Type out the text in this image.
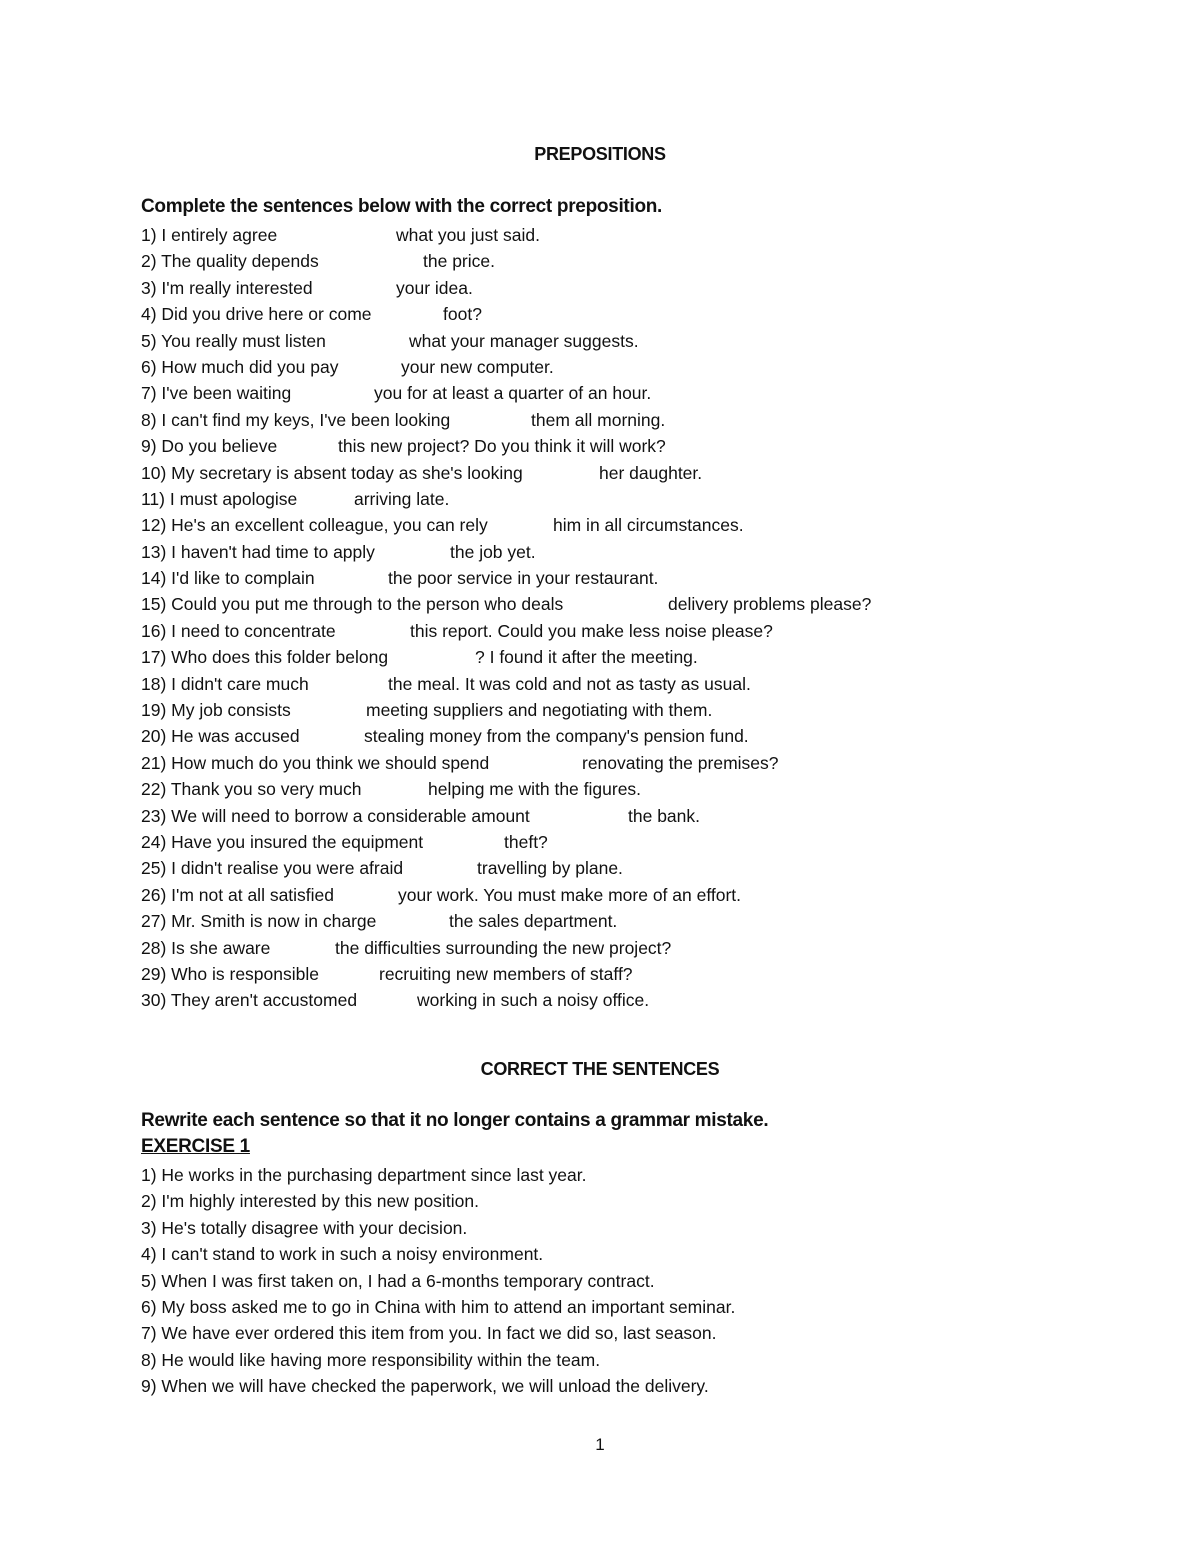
PREPOSITIONS
Complete the sentences below with the correct preposition.
1) I entirely agree	what you just said.
2) The quality depends	the price.
3) I'm really interested	your idea.
4) Did you drive here or come	foot?
5) You really must listen	what your manager suggests.
6) How much did you pay	your new computer.
7) I've been waiting	you for at least a quarter of an hour.
8) I can't find my keys, I've been looking	them all morning.
9) Do you believe	this new project? Do you think it will work?
10) My secretary is absent today as she's looking	her daughter.
11) I must apologise	arriving late.
12) He's an excellent colleague, you can rely	him in all circumstances.
13) I haven't had time to apply	the job yet.
14) I'd like to complain	the poor service in your restaurant.
15) Could you put me through to the person who deals	delivery problems please?
16) I need to concentrate	this report. Could you make less noise please?
17) Who does this folder belong	? I found it after the meeting.
18) I didn't care much	the meal. It was cold and not as tasty as usual.
19) My job consists	meeting suppliers and negotiating with them.
20) He was accused	stealing money from the company's pension fund.
21) How much do you think we should spend	renovating the premises?
22) Thank you so very much	helping me with the figures.
23) We will need to borrow a considerable amount	the bank.
24) Have you insured the equipment	theft?
25) I didn't realise you were afraid	travelling by plane.
26) I'm not at all satisfied	your work. You must make more of an effort.
27) Mr. Smith is now in charge	the sales department.
28) Is she aware	the difficulties surrounding the new project?
29) Who is responsible	recruiting new members of staff?
30) They aren't accustomed	working in such a noisy office.
CORRECT THE SENTENCES
Rewrite each sentence so that it no longer contains a grammar mistake.
EXERCISE 1
1) He works in the purchasing department since last year.
2) I'm highly interested by this new position.
3) He's totally disagree with your decision.
4) I can't stand to work in such a noisy environment.
5) When I was first taken on, I had a 6-months temporary contract.
6) My boss asked me to go in China with him to attend an important seminar.
7) We have ever ordered this item from you. In fact we did so, last season.
8) He would like having more responsibility within the team.
9) When we will have checked the paperwork, we will unload the delivery.
1
